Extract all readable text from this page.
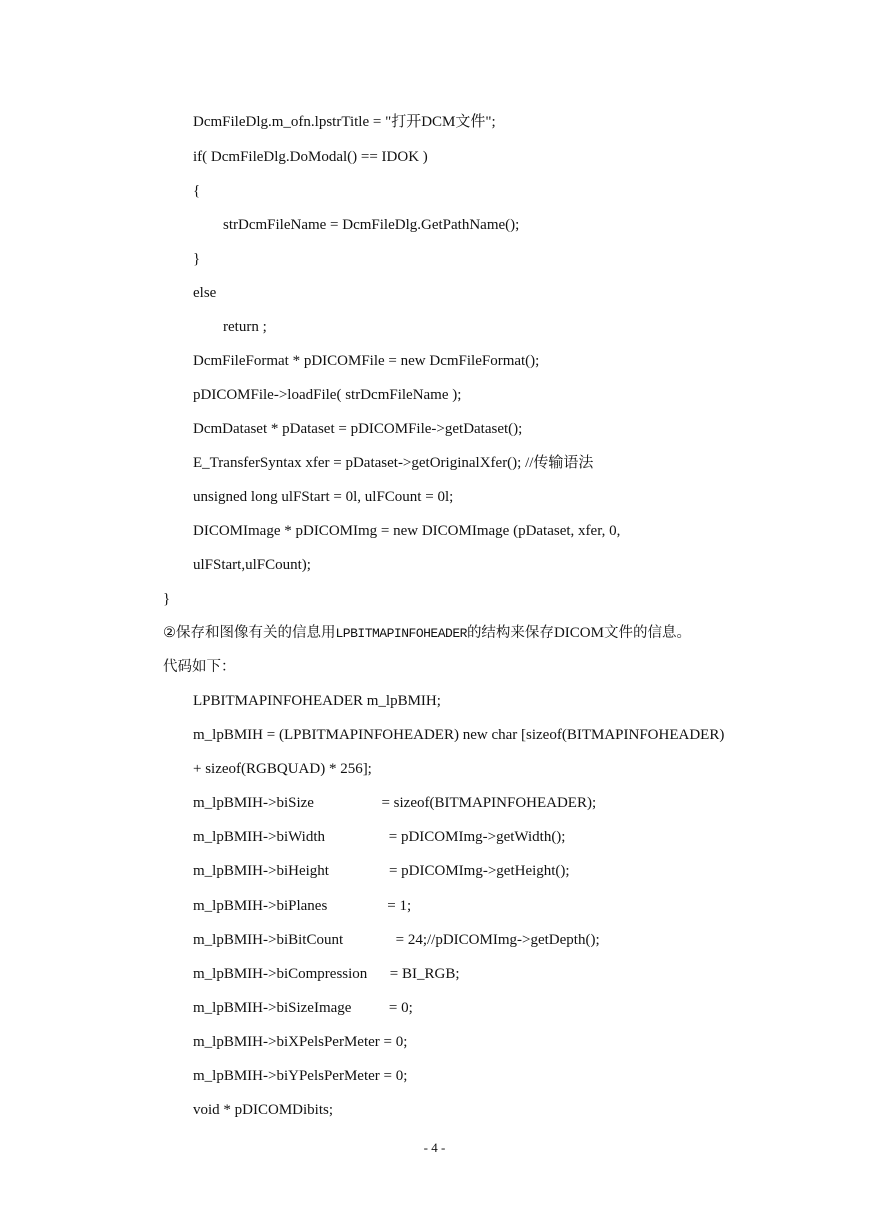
DcmFileDlg.m_ofn.lpstrTitle = "打开DCM文件";
if( DcmFileDlg.DoModal() == IDOK )
{
strDcmFileName = DcmFileDlg.GetPathName();
}
else
return ;
DcmFileFormat * pDICOMFile = new DcmFileFormat();
pDICOMFile->loadFile( strDcmFileName );
DcmDataset * pDataset = pDICOMFile->getDataset();
E_TransferSyntax xfer = pDataset->getOriginalXfer(); //传输语法
unsigned long ulFStart = 0l, ulFCount = 0l;
DICOMImage * pDICOMImg = new DICOMImage (pDataset, xfer, 0,
ulFStart,ulFCount);
}
②保存和图像有关的信息用LPBITMAPINFOHEADER的结构来保存DICOM文件的信息。
代码如下：
LPBITMAPINFOHEADER m_lpBMIH;
m_lpBMIH = (LPBITMAPINFOHEADER) new char [sizeof(BITMAPINFOHEADER)
+ sizeof(RGBQUAD) * 256];
m_lpBMIH->biSize                  = sizeof(BITMAPINFOHEADER);
m_lpBMIH->biWidth                 = pDICOMImg->getWidth();
m_lpBMIH->biHeight                = pDICOMImg->getHeight();
m_lpBMIH->biPlanes                = 1;
m_lpBMIH->biBitCount              = 24;//pDICOMImg->getDepth();
m_lpBMIH->biCompression      = BI_RGB;
m_lpBMIH->biSizeImage          = 0;
m_lpBMIH->biXPelsPerMeter = 0;
m_lpBMIH->biYPelsPerMeter = 0;
void * pDICOMDibits;
- 4 -
